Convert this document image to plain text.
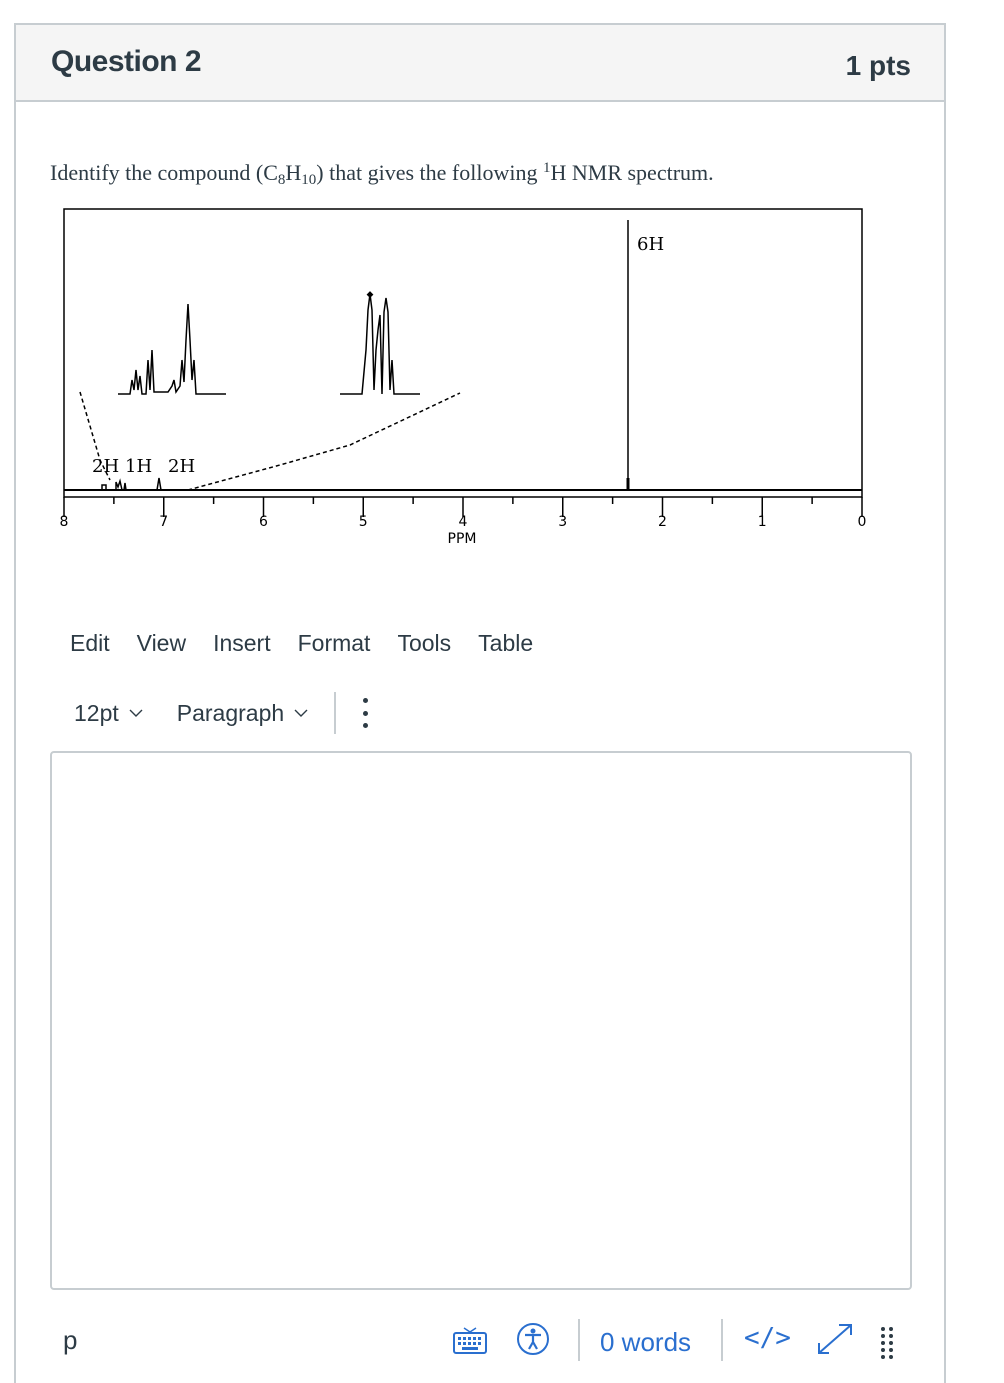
Question 2	1 pts
Identify the compound $(C_8H_{10})$ that gives the following $^1$H NMR spectrum.
8	7	6	5	4	3	2	1	0
PPM
2H 1H 2H
6H
Edit View Insert Format Tools Table
12pt	Paragraph
p	0 words </>
